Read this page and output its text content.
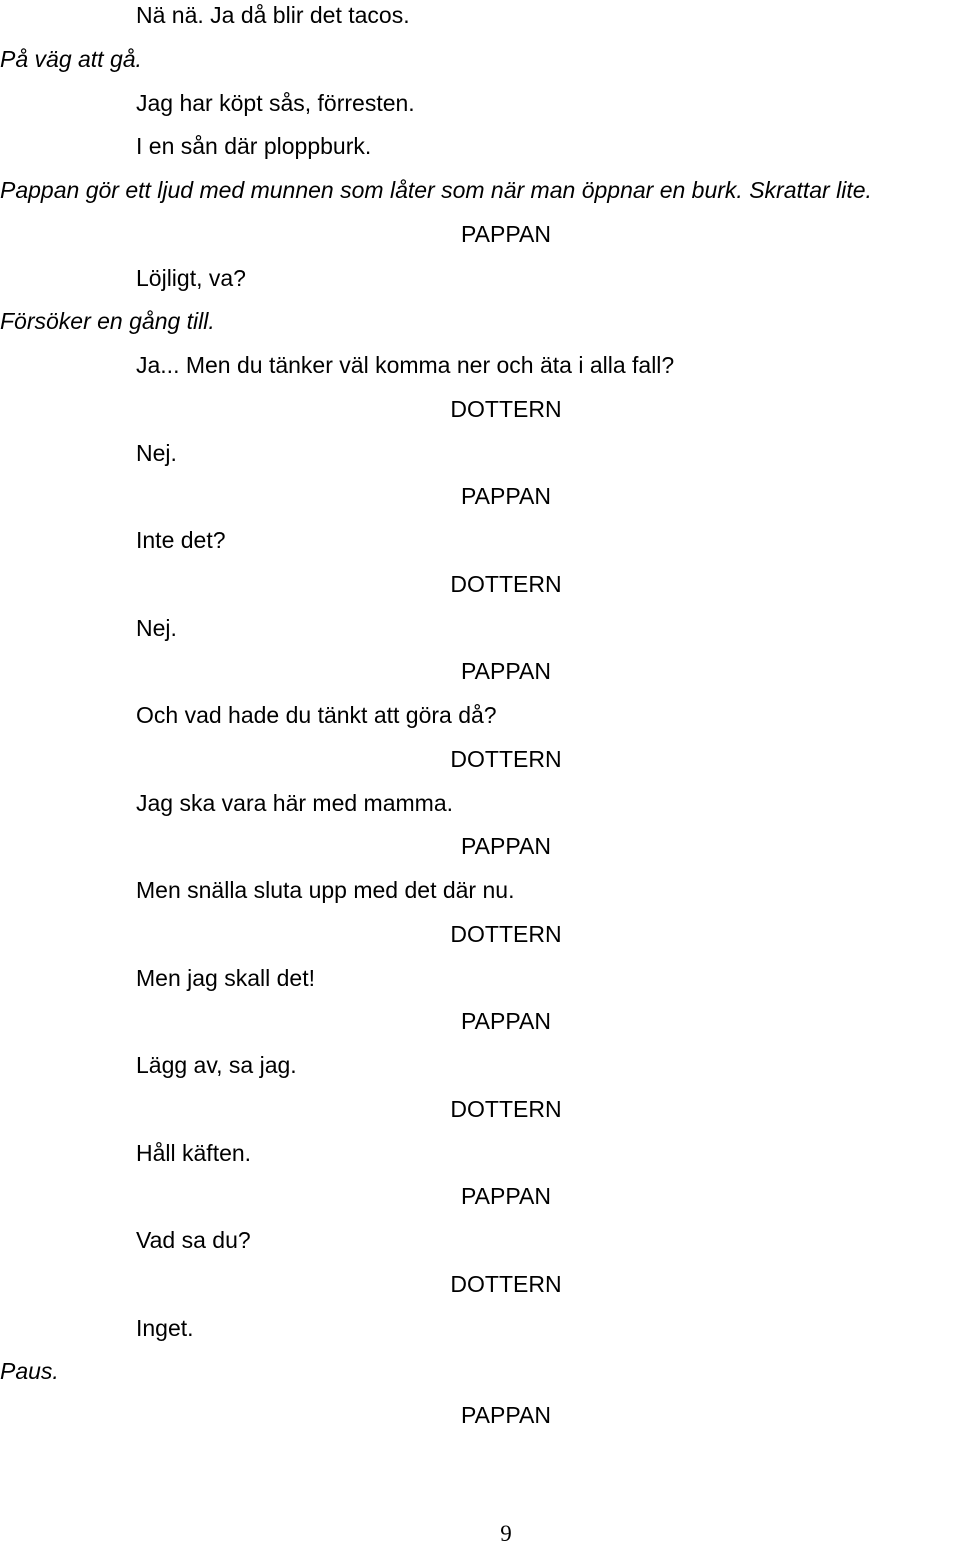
Nä nä. Ja då blir det tacos.
På väg att gå.
Jag har köpt sås, förresten.
I en sån där ploppburk.
Pappan gör ett ljud med munnen som låter som när man öppnar en burk. Skrattar lite.
PAPPAN
Löjligt, va?
Försöker en gång till.
Ja... Men du tänker väl komma ner och äta i alla fall?
DOTTERN
Nej.
PAPPAN
Inte det?
DOTTERN
Nej.
PAPPAN
Och vad hade du tänkt att göra då?
DOTTERN
Jag ska vara här med mamma.
PAPPAN
Men snälla sluta upp med det där nu.
DOTTERN
Men jag skall det!
PAPPAN
Lägg av, sa jag.
DOTTERN
Håll käften.
PAPPAN
Vad sa du?
DOTTERN
Inget.
Paus.
PAPPAN
9
